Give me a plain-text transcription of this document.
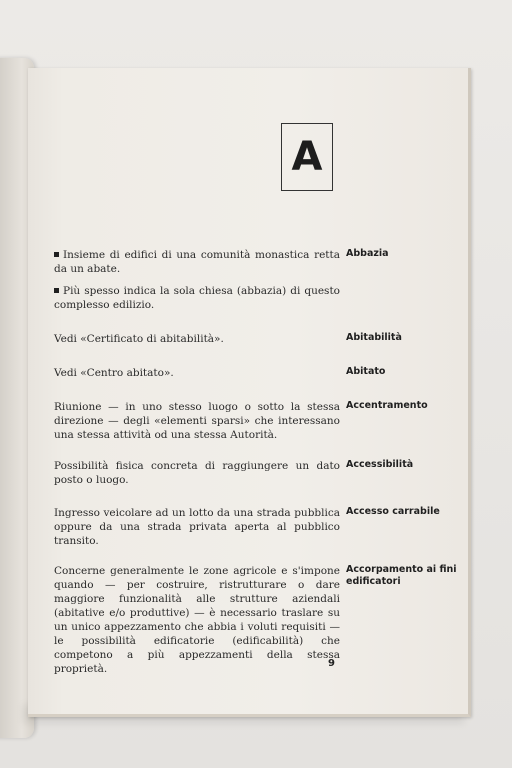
A

Insieme di edifici di una comunità monastica retta da un abate.

Più spesso indica la sola chiesa (abbazia) di questo complesso edilizio.

Abbazia

Vedi «Certificato di abitabilità».	Abitabilità

Vedi «Centro abitato».	Abitato

Riunione — in uno stesso luogo o sotto la stessa direzione — degli «elementi sparsi» che interessano una stessa attività od una stessa Autorità.

Accentramento

Possibilità fisica concreta di raggiungere un dato posto o luogo.

Accessibilità

Ingresso veicolare ad un lotto da una strada pubblica oppure da una strada privata aperta al pubblico transito.

Accesso carrabile

Concerne generalmente le zone agricole e s'impone quando — per costruire, ristrutturare o dare maggiore funzionalità alle strutture aziendali (abitative e/o produttive) — è necessario traslare su un unico appezzamento che abbia i voluti requisiti — le possibilità edificatorie (edificabilità) che competono a più appezzamenti della stessa proprietà.

Accorpamento ai fini edificatori
9
